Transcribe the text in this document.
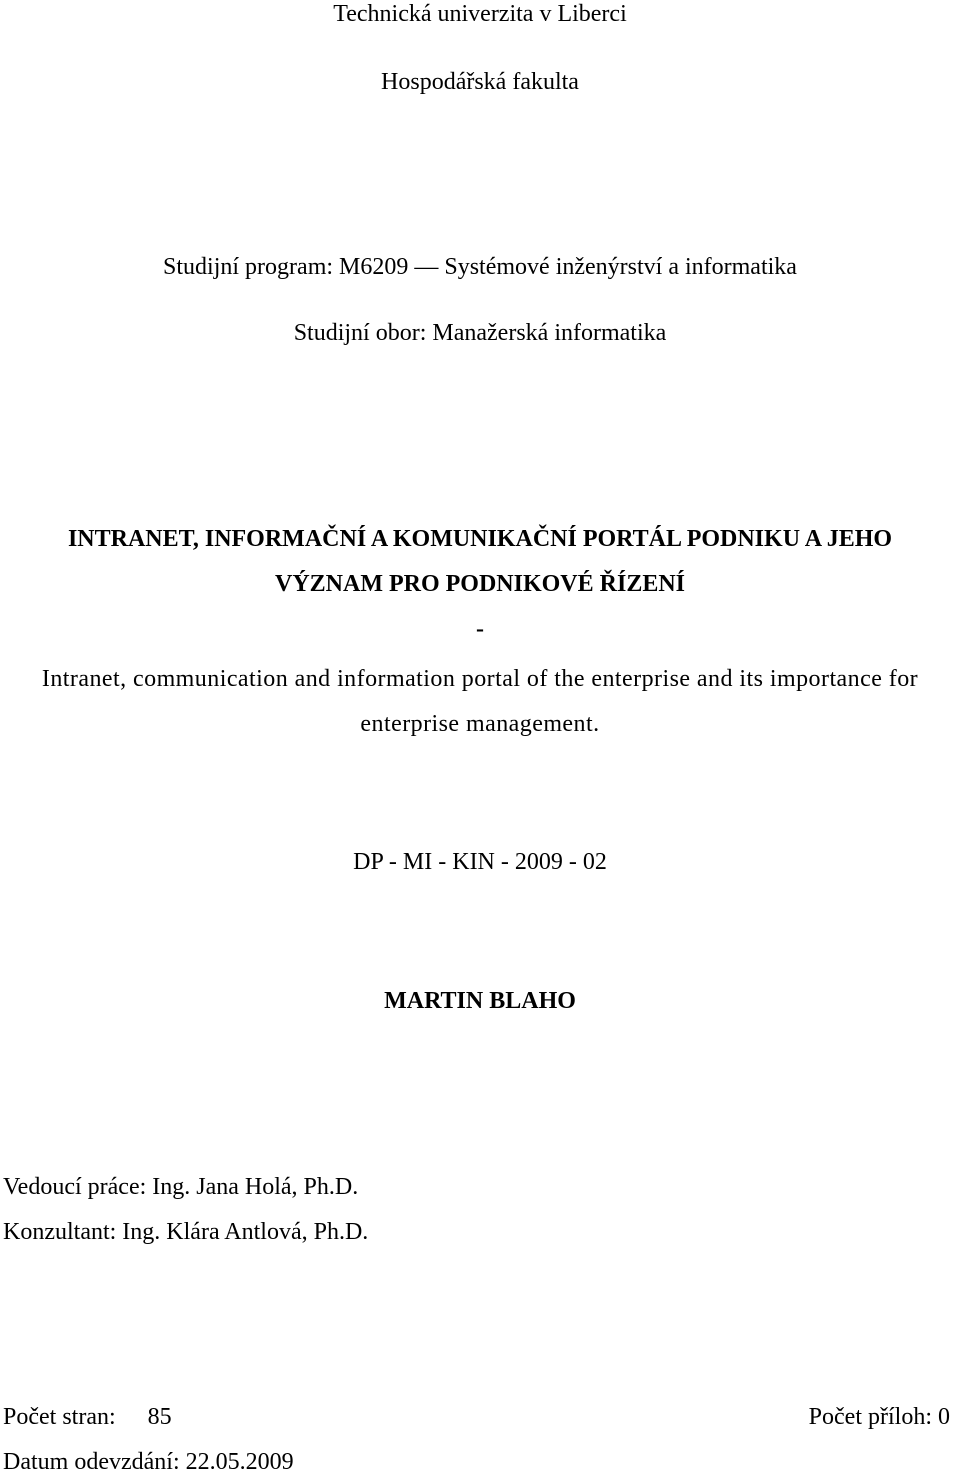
Technická univerzita v Liberci
Hospodářská fakulta
Studijní program: M6209 — Systémové inženýrství a informatika
Studijní obor: Manažerská informatika
INTRANET, INFORMAČNÍ A KOMUNIKAČNÍ PORTÁL PODNIKU A JEHO
VÝZNAM PRO PODNIKOVÉ ŘÍZENÍ
-
Intranet, communication and information portal of the enterprise and its importance for
enterprise management.
DP - MI - KIN - 2009 - 02
MARTIN BLAHO
Vedoucí práce: Ing. Jana Holá, Ph.D.
Konzultant: Ing. Klára Antlová, Ph.D.
Počet stran: 85	Počet příloh: 0
Datum odevzdání: 22.05.2009
